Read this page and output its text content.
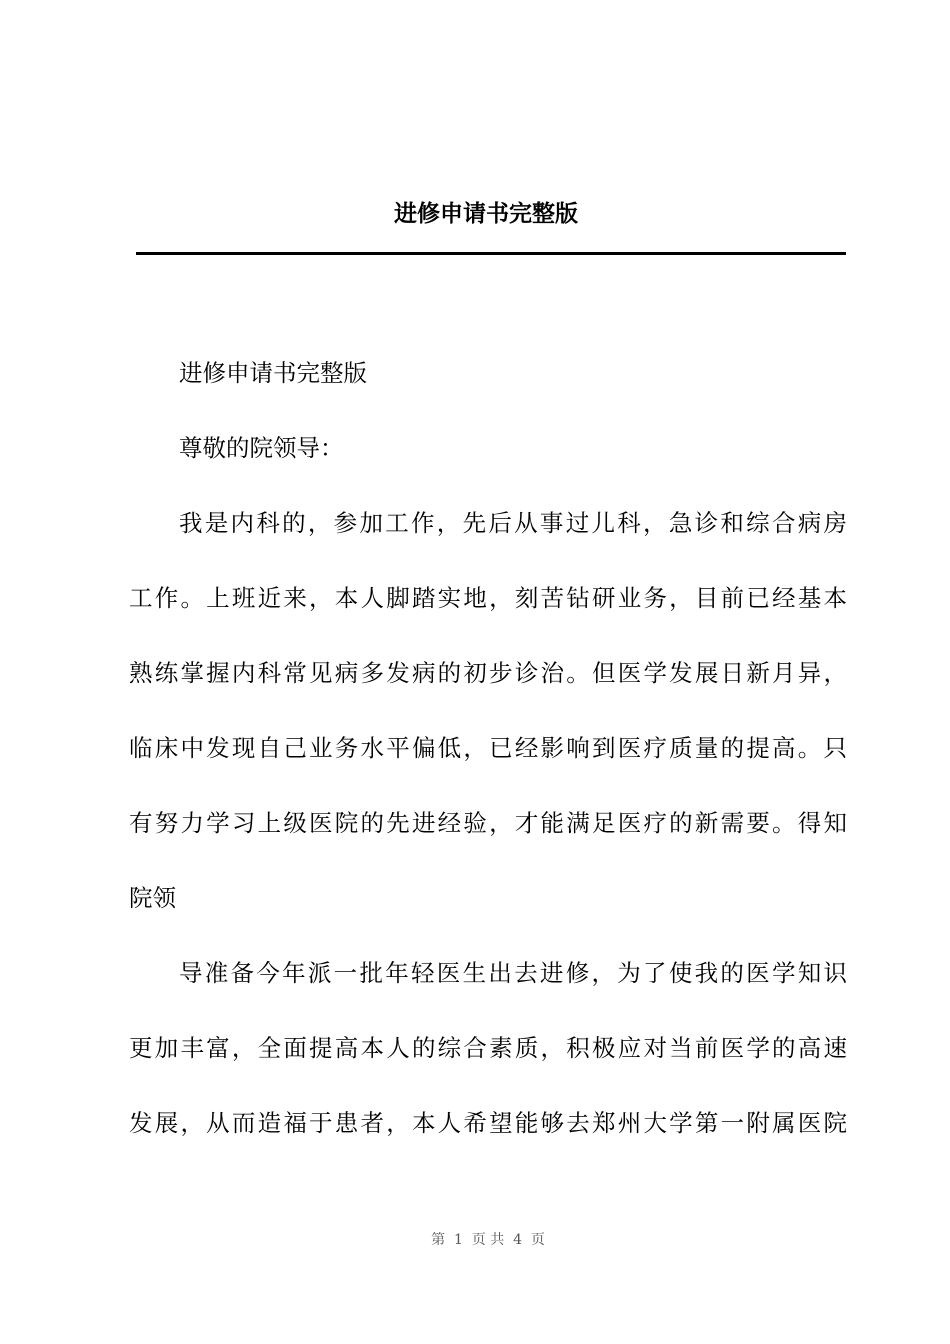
进修申请书完整版
进修申请书完整版
尊敬的院领导：
我是内科的，参加工作，先后从事过儿科，急诊和综合病房
工作。上班近来，本人脚踏实地，刻苦钻研业务，目前已经基本
熟练掌握内科常见病多发病的初步诊治。但医学发展日新月异，
临床中发现自己业务水平偏低，已经影响到医疗质量的提高。只
有努力学习上级医院的先进经验，才能满足医疗的新需要。得知
院领
导准备今年派一批年轻医生出去进修，为了使我的医学知识
更加丰富，全面提高本人的综合素质，积极应对当前医学的高速
发展，从而造福于患者，本人希望能够去郑州大学第一附属医院
第  1  页 共  4  页
